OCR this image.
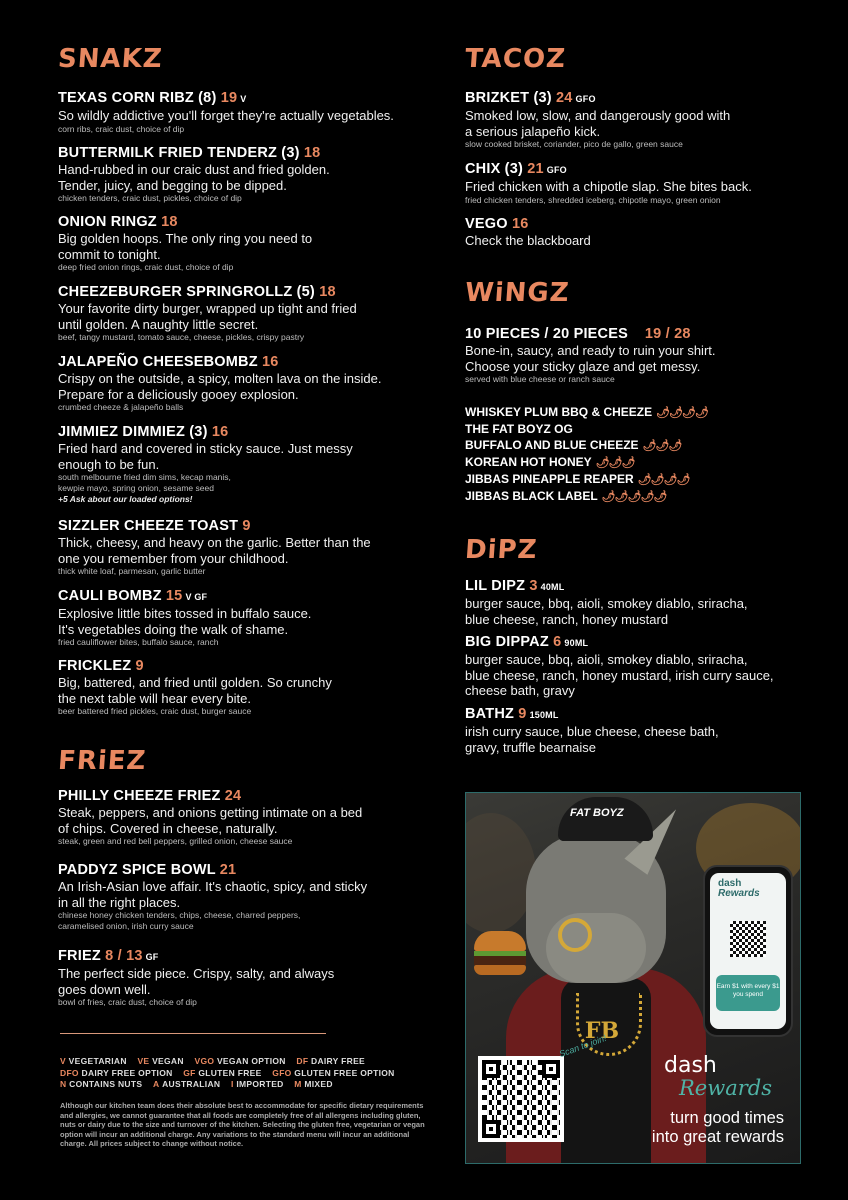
SNAKZ
TEXAS CORN RIBZ (8) 19 V
So wildly addictive you'll forget they're actually vegetables.
corn ribs, craic dust, choice of dip
BUTTERMILK FRIED TENDERZ (3) 18
Hand-rubbed in our craic dust and fried golden.
Tender, juicy, and begging to be dipped.
chicken tenders, craic dust, pickles, choice of dip
ONION RINGZ 18
Big golden hoops. The only ring you need to
commit to tonight.
deep fried onion rings, craic dust, choice of dip
CHEEZEBURGER SPRINGROLLZ (5) 18
Your favorite dirty burger, wrapped up tight and fried
until golden. A naughty little secret.
beef, tangy mustard, tomato sauce, cheese, pickles, crispy pastry
JALAPEÑO CHEESEBOMBZ 16
Crispy on the outside, a spicy, molten lava on the inside.
Prepare for a deliciously gooey explosion.
crumbed cheeze & jalapeño balls
JIMMIEZ DIMMIEZ (3) 16
Fried hard and covered in sticky sauce. Just messy
enough to be fun.
south melbourne fried dim sims, kecap manis,
kewpie mayo, spring onion, sesame seed
+5 Ask about our loaded options!
SIZZLER CHEEZE TOAST 9
Thick, cheesy, and heavy on the garlic. Better than the
one you remember from your childhood.
thick white loaf, parmesan, garlic butter
CAULI BOMBZ 15 V GF
Explosive little bites tossed in buffalo sauce.
It's vegetables doing the walk of shame.
fried cauliflower bites, buffalo sauce, ranch
FRICKLEZ 9
Big, battered, and fried until golden. So crunchy
the next table will hear every bite.
beer battered fried pickles, craic dust, burger sauce
FRiEZ
PHILLY CHEEZE FRIEZ 24
Steak, peppers, and onions getting intimate on a bed
of chips. Covered in cheese, naturally.
steak, green and red bell peppers, grilled onion, cheese sauce
PADDYZ SPICE BOWL 21
An Irish-Asian love affair. It's chaotic, spicy, and sticky
in all the right places.
chinese honey chicken tenders, chips, cheese, charred peppers,
caramelised onion, irish curry sauce
FRIEZ 8 / 13 GF
The perfect side piece. Crispy, salty, and always
goes down well.
bowl of fries, craic dust, choice of dip
V VEGETARIAN VE VEGAN VGO VEGAN OPTION DF DAIRY FREE
DFO DAIRY FREE OPTION GF GLUTEN FREE GFO GLUTEN FREE OPTION
N CONTAINS NUTS A AUSTRALIAN I IMPORTED M MIXED
Although our kitchen team does their absolute best to accommodate for specific dietary requirements and allergies, we cannot guarantee that all foods are completely free of all allergens including gluten, nuts or dairy due to the size and turnover of the kitchen. Selecting the gluten free, vegetarian or vegan option will incur an additional charge. Any variations to the standard menu will incur an additional charge. All prices subject to change without notice.
TACOZ
BRIZKET (3) 24 GFO
Smoked low, slow, and dangerously good with
a serious jalapeño kick.
slow cooked brisket, coriander, pico de gallo, green sauce
CHIX (3) 21 GFO
Fried chicken with a chipotle slap. She bites back.
fried chicken tenders, shredded iceberg, chipotle mayo, green onion
VEGO 16
Check the blackboard
WiNGZ
10 PIECES / 20 PIECES 19 / 28
Bone-in, saucy, and ready to ruin your shirt.
Choose your sticky glaze and get messy.
served with blue cheese or ranch sauce
WHISKEY PLUM BBQ & CHEEZE 🌶🌶🌶🌶
THE FAT BOYZ OG
BUFFALO AND BLUE CHEEZE 🌶🌶🌶
KOREAN HOT HONEY 🌶🌶🌶
JIBBAS PINEAPPLE REAPER 🌶🌶🌶🌶
JIBBAS BLACK LABEL 🌶🌶🌶🌶🌶
DiPZ
LIL DIPZ 3 40ML
burger sauce, bbq, aioli, smokey diablo, sriracha,
blue cheese, ranch, honey mustard
BIG DIPPAZ 6 90ML
burger sauce, bbq, aioli, smokey diablo, sriracha,
blue cheese, ranch, honey mustard, irish curry sauce,
cheese bath, gravy
BATHZ 9 150ML
irish curry sauce, blue cheese, cheese bath,
gravy, truffle bearnaise
FAT BOYZ
FB
dash
Rewards
Earn $1 with every $1 you spend
Scan to join!
dash
Rewards
turn good times
into great rewards
